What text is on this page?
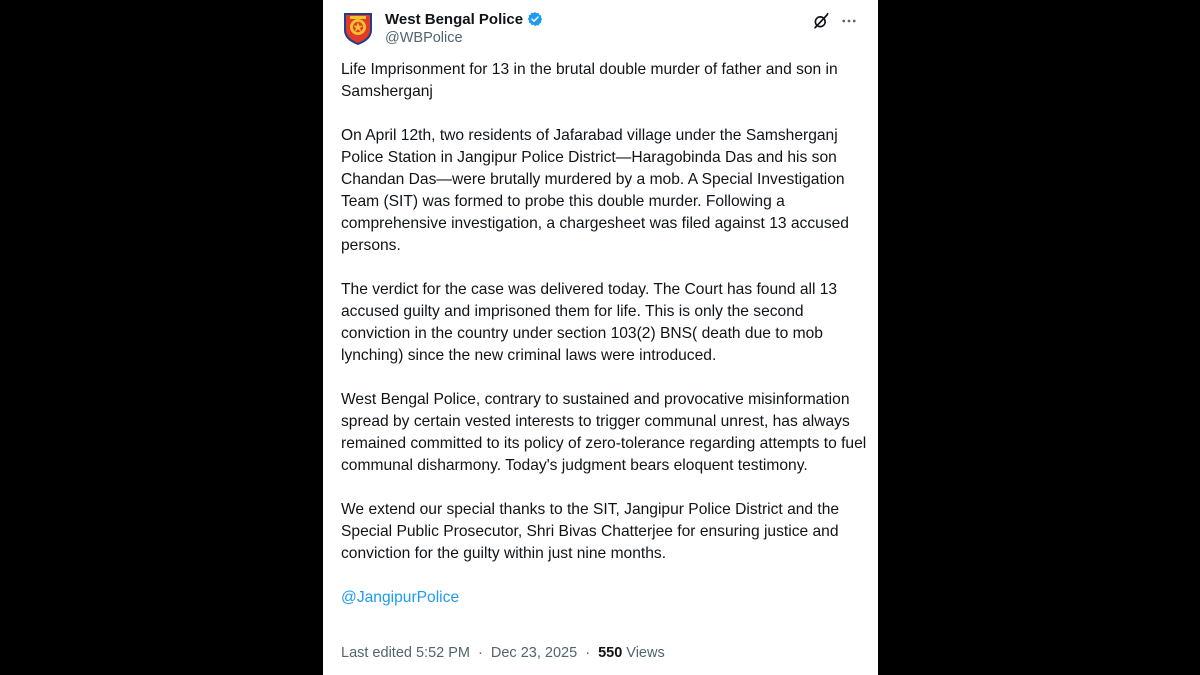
West Bengal Police
@WBPolice

Life Imprisonment for 13 in the brutal double murder of father and son in Samsherganj

On April 12th, two residents of Jafarabad village under the Samsherganj Police Station in Jangipur Police District—Haragobinda Das and his son Chandan Das—were brutally murdered by a mob. A Special Investigation Team (SIT) was formed to probe this double murder. Following a comprehensive investigation, a chargesheet was filed against 13 accused persons.

The verdict for the case was delivered today. The Court has found all 13 accused guilty and imprisoned them for life. This is only the second conviction in the country under section 103(2) BNS( death due to mob lynching) since the new criminal laws were introduced.

West Bengal Police, contrary to sustained and provocative misinformation spread by certain vested interests to trigger communal unrest, has always remained committed to its policy of zero-tolerance regarding attempts to fuel communal disharmony. Today's judgment bears eloquent testimony.

We extend our special thanks to the SIT, Jangipur Police District and the Special Public Prosecutor, Shri Bivas Chatterjee for ensuring justice and conviction for the guilty within just nine months.

@JangipurPolice

Last edited 5:52 PM · Dec 23, 2025 · 550 Views
